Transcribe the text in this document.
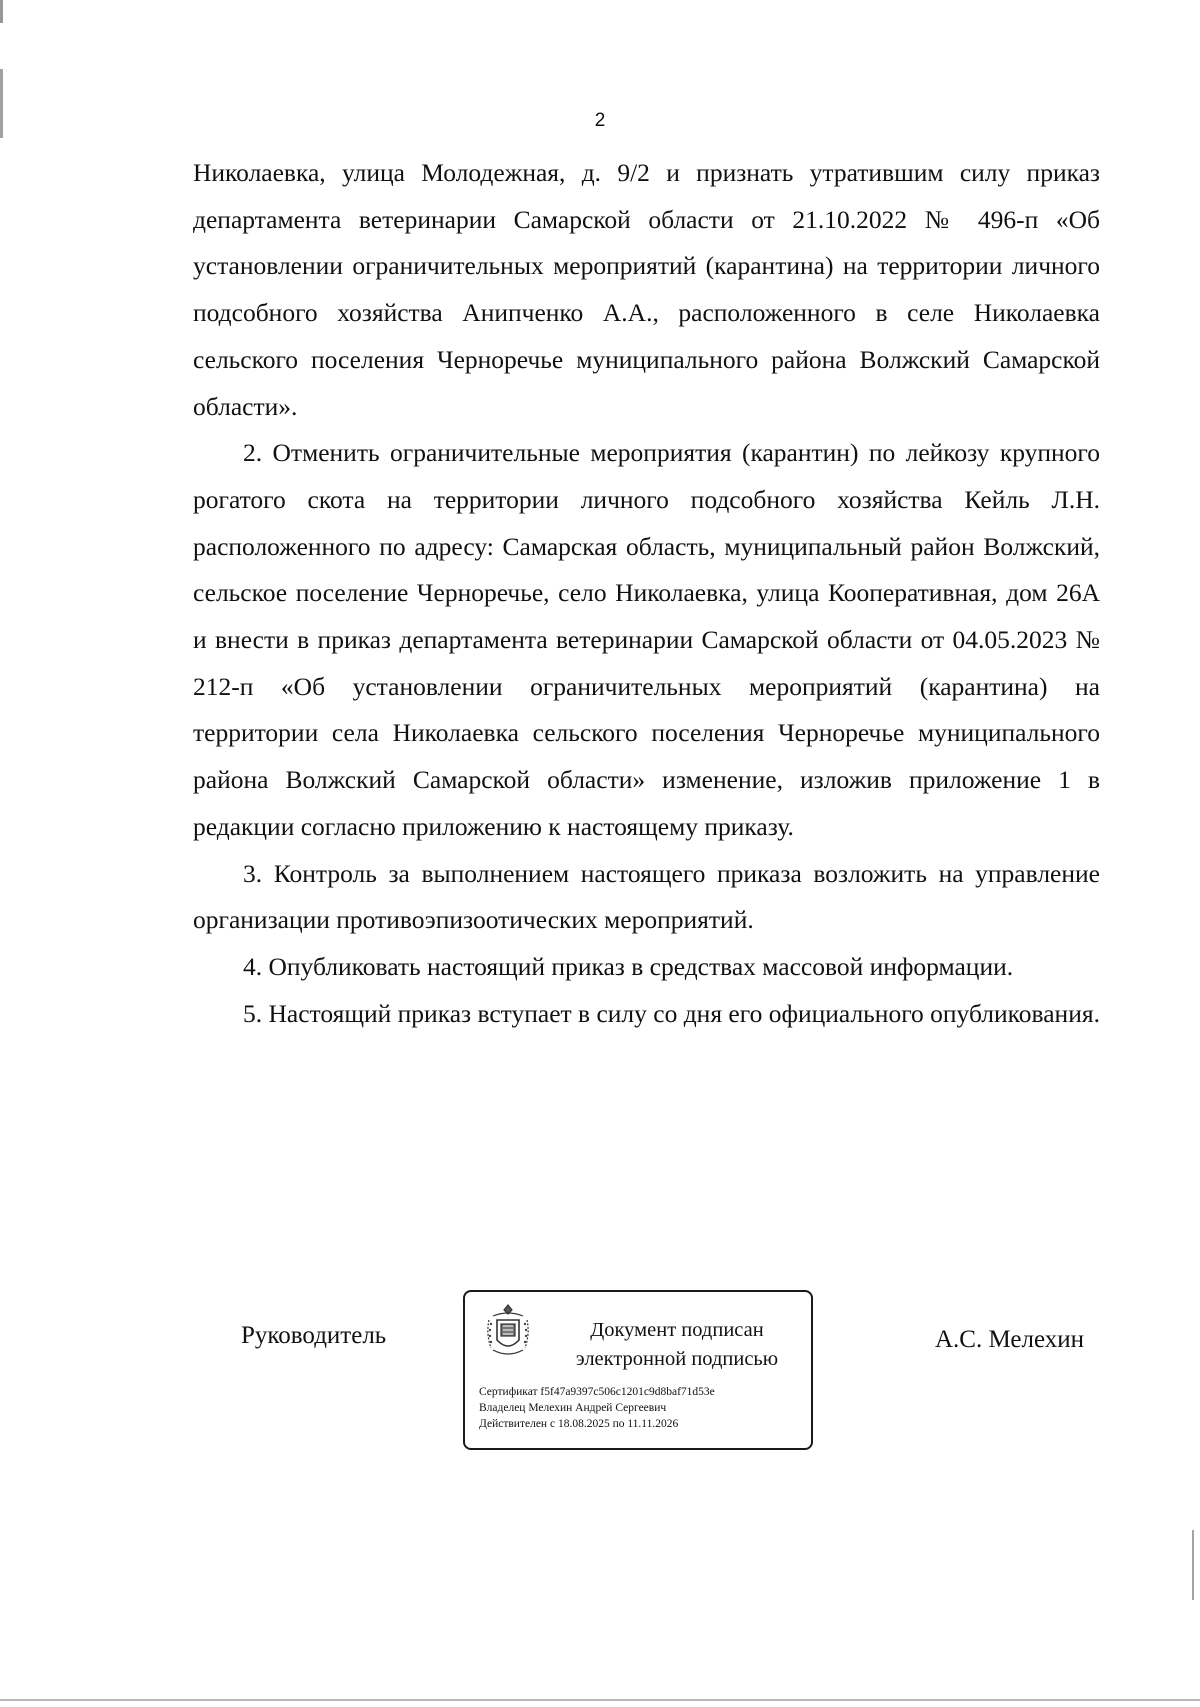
2

Николаевка, улица Молодежная, д. 9/2 и признать утратившим силу приказ департамента ветеринарии Самарской области от 21.10.2022 № 496-п «Об установлении ограничительных мероприятий (карантина) на территории личного подсобного хозяйства Анипченко А.А., расположенного в селе Николаевка сельского поселения Черноречье муниципального района Волжский Самарской области».

2. Отменить ограничительные мероприятия (карантин) по лейкозу крупного рогатого скота на территории личного подсобного хозяйства Кейль Л.Н. расположенного по адресу: Самарская область, муниципальный район Волжский, сельское поселение Черноречье, село Николаевка, улица Кооперативная, дом 26А и внести в приказ департамента ветеринарии Самарской области от 04.05.2023 № 212-п «Об установлении ограничительных мероприятий (карантина) на территории села Николаевка сельского поселения Черноречье муниципального района Волжский Самарской области» изменение, изложив приложение 1 в редакции согласно приложению к настоящему приказу.

3. Контроль за выполнением настоящего приказа возложить на управление организации противоэпизоотических мероприятий.

4. Опубликовать настоящий приказ в средствах массовой информации.

5. Настоящий приказ вступает в силу со дня его официального опубликования.

Руководитель	Документ подписан
электронной подписью
Сертификат f5f47a9397c506c1201c9d8baf71d53e
Владелец Мелехин Андрей Сергеевич
Действителен с 18.08.2025 по 11.11.2026
А.С. Мелехин
